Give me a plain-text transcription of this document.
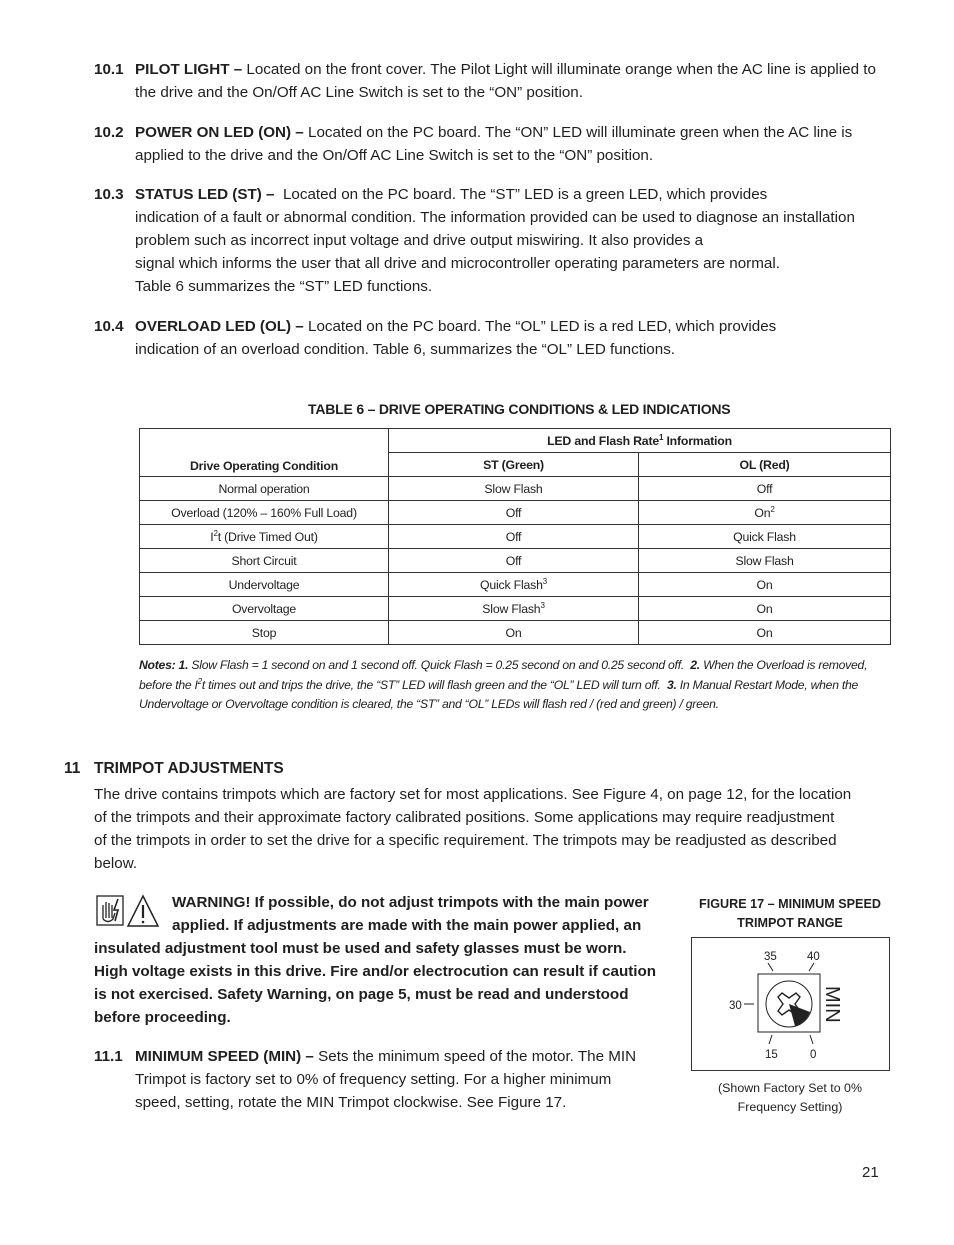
10.1 PILOT LIGHT – Located on the front cover. The Pilot Light will illuminate orange when the AC line is applied to the drive and the On/Off AC Line Switch is set to the “ON” position.
10.2 POWER ON LED (ON) – Located on the PC board. The “ON” LED will illuminate green when the AC line is applied to the drive and the On/Off AC Line Switch is set to the “ON” position.
10.3 STATUS LED (ST) – Located on the PC board. The “ST” LED is a green LED, which provides
indication of a fault or abnormal condition. The information provided can be used to diagnose an installation
problem such as incorrect input voltage and drive output miswiring. It also provides a
signal which informs the user that all drive and microcontroller operating parameters are normal.
Table 6 summarizes the “ST” LED functions.
10.4 OVERLOAD LED (OL) – Located on the PC board. The “OL” LED is a red LED, which provides
indication of an overload condition. Table 6, summarizes the “OL” LED functions.
TABLE 6 – DRIVE OPERATING CONDITIONS & LED INDICATIONS
Drive Operating Condition	LED and Flash Rate$^1$ Information	
	ST (Green)	OL (Red)
Normal operation	Slow Flash	Off
Overload (120% – 160% Full Load)	Off	On$^2$
$I^2t$ (Drive Timed Out)	Off	Quick Flash
Short Circuit	Off	Slow Flash
Undervoltage	Quick Flash$^3$	On
Overvoltage	Slow Flash$^3$	On
Stop	On	On
Notes: 1. Slow Flash = 1 second on and 1 second off. Quick Flash = 0.25 second on and 0.25 second off. 2. When the Overload is removed, before the $I^2t$ times out and trips the drive, the “ST” LED will flash green and the “OL” LED will turn off. 3. In Manual Restart Mode, when the Undervoltage or Overvoltage condition is cleared, the “ST” and “OL” LEDs will flash red / (red and green) / green.
11 TRIMPOT ADJUSTMENTS
The drive contains trimpots which are factory set for most applications. See Figure 4, on page 12, for the location
of the trimpots and their approximate factory calibrated positions. Some applications may require readjustment
of the trimpots in order to set the drive for a specific requirement. The trimpots may be readjusted as described
below.
WARNING! If possible, do not adjust trimpots with the main power
applied. If adjustments are made with the main power applied, an
insulated adjustment tool must be used and safety glasses must be worn.
High voltage exists in this drive. Fire and/or electrocution can result if caution
is not exercised. Safety Warning, on page 5, must be read and understood
before proceeding.
11.1 MINIMUM SPEED (MIN) – Sets the minimum speed of the motor. The MIN
Trimpot is factory set to 0% of frequency setting. For a higher minimum
speed, setting, rotate the MIN Trimpot clockwise. See Figure 17.
FIGURE 17 – MINIMUM SPEED
TRIMPOT RANGE
35	40
30
15	0
MIN
(Shown Factory Set to 0%
Frequency Setting)
21
